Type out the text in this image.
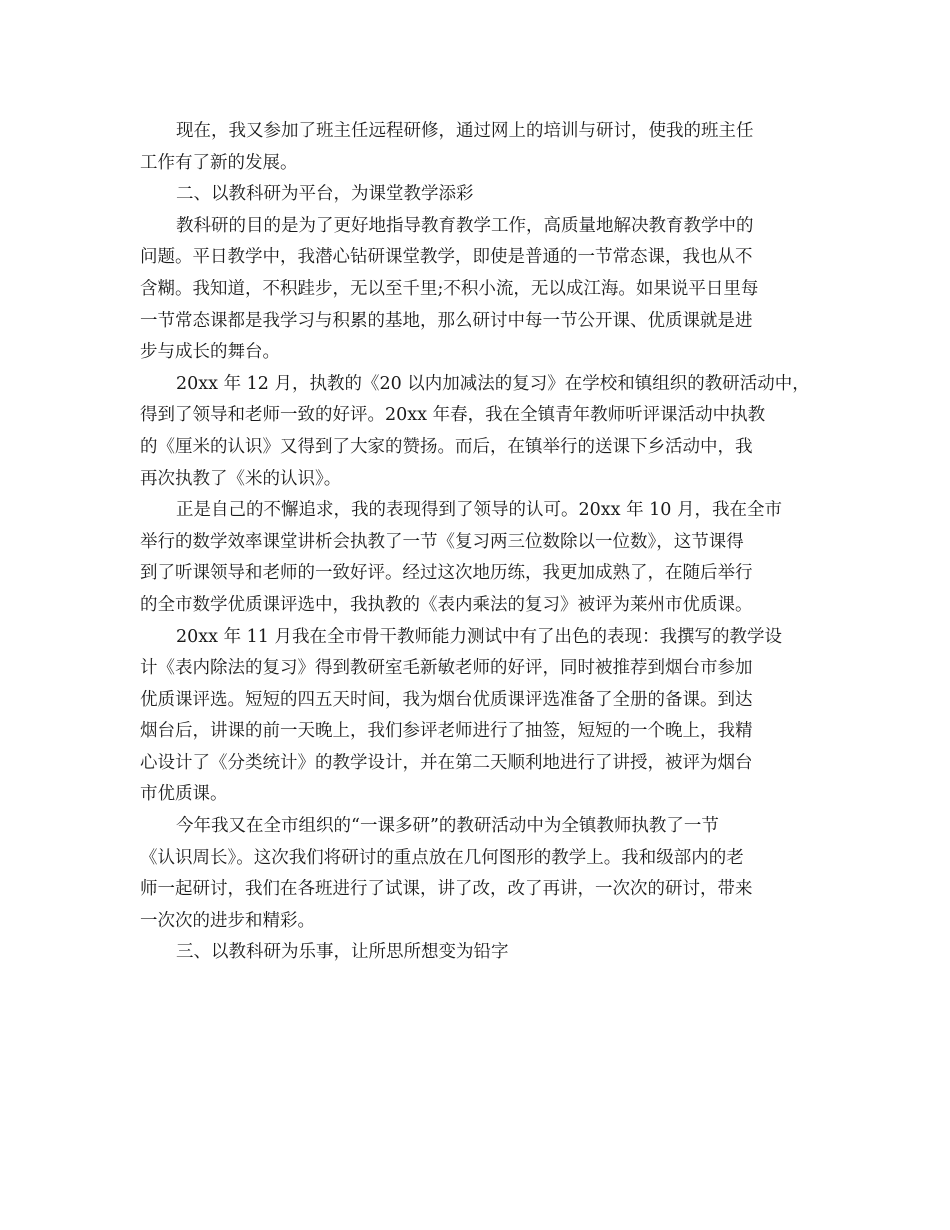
现在，我又参加了班主任远程研修，通过网上的培训与研讨，使我的班主任
工作有了新的发展。
二、以教科研为平台，为课堂教学添彩
教科研的目的是为了更好地指导教育教学工作，高质量地解决教育教学中的
问题。平日教学中，我潜心钻研课堂教学，即使是普通的一节常态课，我也从不
含糊。我知道，不积跬步，无以至千里;不积小流，无以成江海。如果说平日里每
一节常态课都是我学习与积累的基地，那么研讨中每一节公开课、优质课就是进
步与成长的舞台。
20xx 年 12 月，执教的《20 以内加减法的复习》在学校和镇组织的教研活动中，
得到了领导和老师一致的好评。20xx 年春，我在全镇青年教师听评课活动中执教
的《厘米的认识》又得到了大家的赞扬。而后，在镇举行的送课下乡活动中，我
再次执教了《米的认识》。
正是自己的不懈追求，我的表现得到了领导的认可。20xx 年 10 月，我在全市
举行的数学效率课堂讲析会执教了一节《复习两三位数除以一位数》，这节课得
到了听课领导和老师的一致好评。经过这次地历练，我更加成熟了，在随后举行
的全市数学优质课评选中，我执教的《表内乘法的复习》被评为莱州市优质课。
20xx 年 11 月我在全市骨干教师能力测试中有了出色的表现：我撰写的教学设
计《表内除法的复习》得到教研室毛新敏老师的好评，同时被推荐到烟台市参加
优质课评选。短短的四五天时间，我为烟台优质课评选准备了全册的备课。到达
烟台后，讲课的前一天晚上，我们参评老师进行了抽签，短短的一个晚上，我精
心设计了《分类统计》的教学设计，并在第二天顺利地进行了讲授，被评为烟台
市优质课。
今年我又在全市组织的“一课多研”的教研活动中为全镇教师执教了一节
《认识周长》。这次我们将研讨的重点放在几何图形的教学上。我和级部内的老
师一起研讨，我们在各班进行了试课，讲了改，改了再讲，一次次的研讨，带来
一次次的进步和精彩。
三、以教科研为乐事，让所思所想变为铅字
